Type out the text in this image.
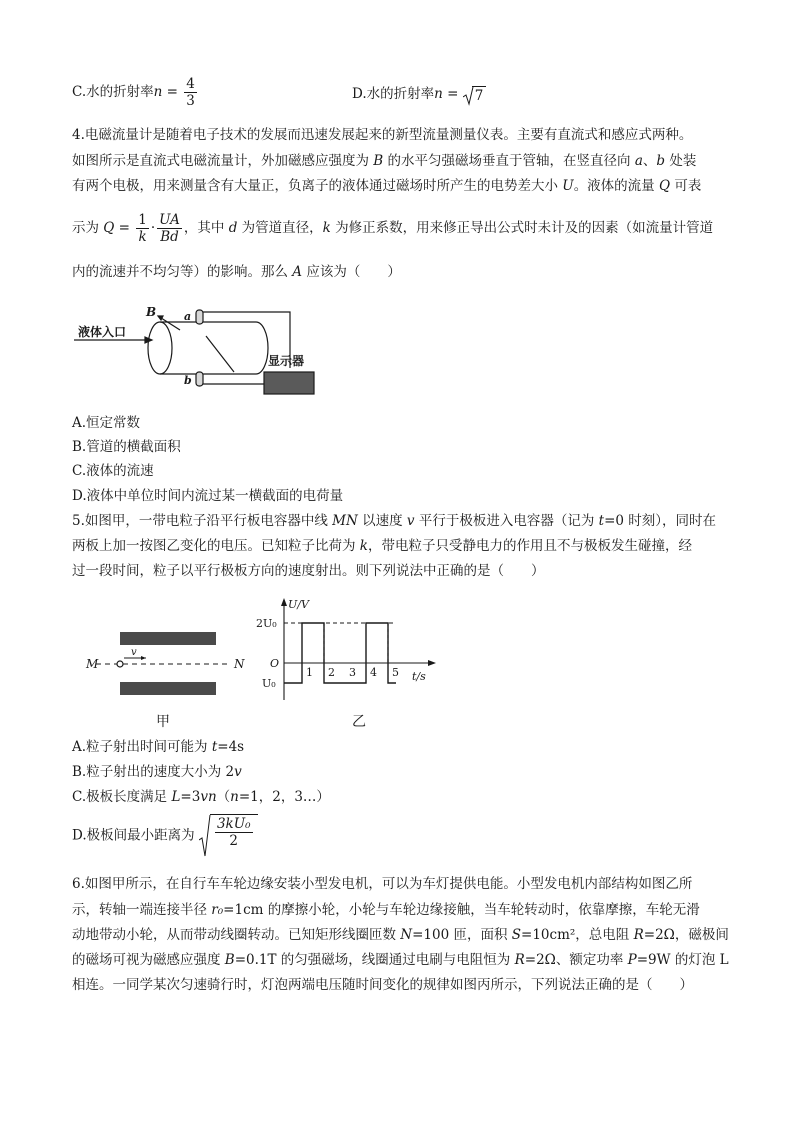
C.水的折射率$n = \frac{4}{3}$	D.水的折射率n =
7
4.电磁流量计是随着电子技术的发展而迅速发展起来的新型流量测量仪表。主要有直流式和感应式两种。
如图所示是直流式电磁流量计，外加磁感应强度为 B 的水平匀强磁场垂直于管轴，在竖直径向 a、b 处装
有两个电极，用来测量含有大量正，负离子的液体通过磁场时所产生的电势差大小 U。液体的流量 Q 可表
示为 $Q = \frac{1}{k} \cdot \frac{UA}{Bd}$ ，其中 d 为管道直径，k 为修正系数，用来修正导出公式时未计及的因素（如流量计管道
内的流速并不均匀等）的影响。那么 A 应该为（　　）
液体入口
显示器
B	a
b
A.恒定常数
B.管道的横截面积
C.液体的流速
D.液体中单位时间内流过某一横截面的电荷量
5.如图甲，一带电粒子沿平行板电容器中线 MN 以速度 v 平行于极板进入电容器（记为 t=0 时刻），同时在
两板上加一按图乙变化的电压。已知粒子比荷为 k，带电粒子只受静电力的作用且不与极板发生碰撞，经
过一段时间，粒子以平行极板方向的速度射出。则下列说法中正确的是（　　）
M	N
v
甲
U/V
2U₀
U₀
O
t/s
1 2 3 4 5
乙
A.粒子射出时间可能为 t=4s
B.粒子射出的速度大小为 2v
C.极板长度满足 L=3vn（n=1，2，3…）
D.极板间最小距离为 $\frac{\text{3kU₀}}{2}$
6.如图甲所示，在自行车车轮边缘安装小型发电机，可以为车灯提供电能。小型发电机内部结构如图乙所
示，转轴一端连接半径 r₀=1cm 的摩擦小轮，小轮与车轮边缘接触，当车轮转动时，依靠摩擦，车轮无滑
动地带动小轮，从而带动线圈转动。已知矩形线圈匝数 N=100 匝，面积 S=10cm²，总电阻 R=2Ω，磁极间
的磁场可视为磁感应强度 B=0.1T 的匀强磁场，线圈通过电刷与电阻恒为 R=2Ω、额定功率 P=9W 的灯泡 L
相连。一同学某次匀速骑行时，灯泡两端电压随时间变化的规律如图丙所示，下列说法正确的是（　　）
